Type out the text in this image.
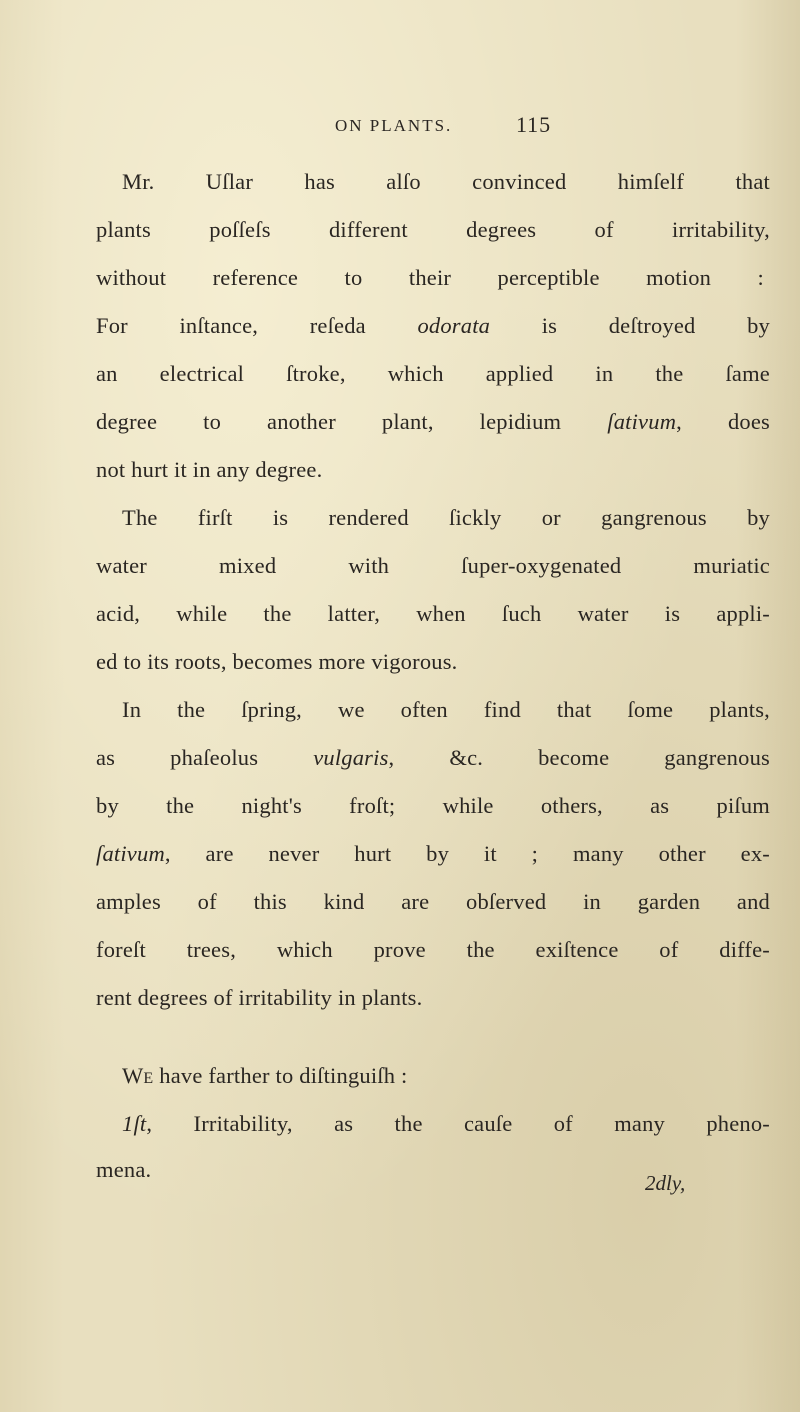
ON PLANTS.	115
Mr. Uſlar has alſo convinced himſelf that
plants poſſeſs different degrees of irritability,
without reference to their perceptible motion :
For inſtance, reſeda odorata is deſtroyed by
an electrical ſtroke, which applied in the ſame
degree to another plant, lepidium ſativum, does
not hurt it in any degree.
The firſt is rendered ſickly or gangrenous by
water mixed with ſuper-oxygenated muriatic
acid, while the latter, when ſuch water is appli-
ed to its roots, becomes more vigorous.
In the ſpring, we often find that ſome plants,
as phaſeolus vulgaris, &c. become gangrenous
by the night's froſt; while others, as piſum
ſativum, are never hurt by it ; many other ex-
amples of this kind are obſerved in garden and
foreſt trees, which prove the exiſtence of diffe-
rent degrees of irritability in plants.
We have farther to diſtinguiſh :
1ſt, Irritability, as the cauſe of many pheno-
mena.
2dly,
